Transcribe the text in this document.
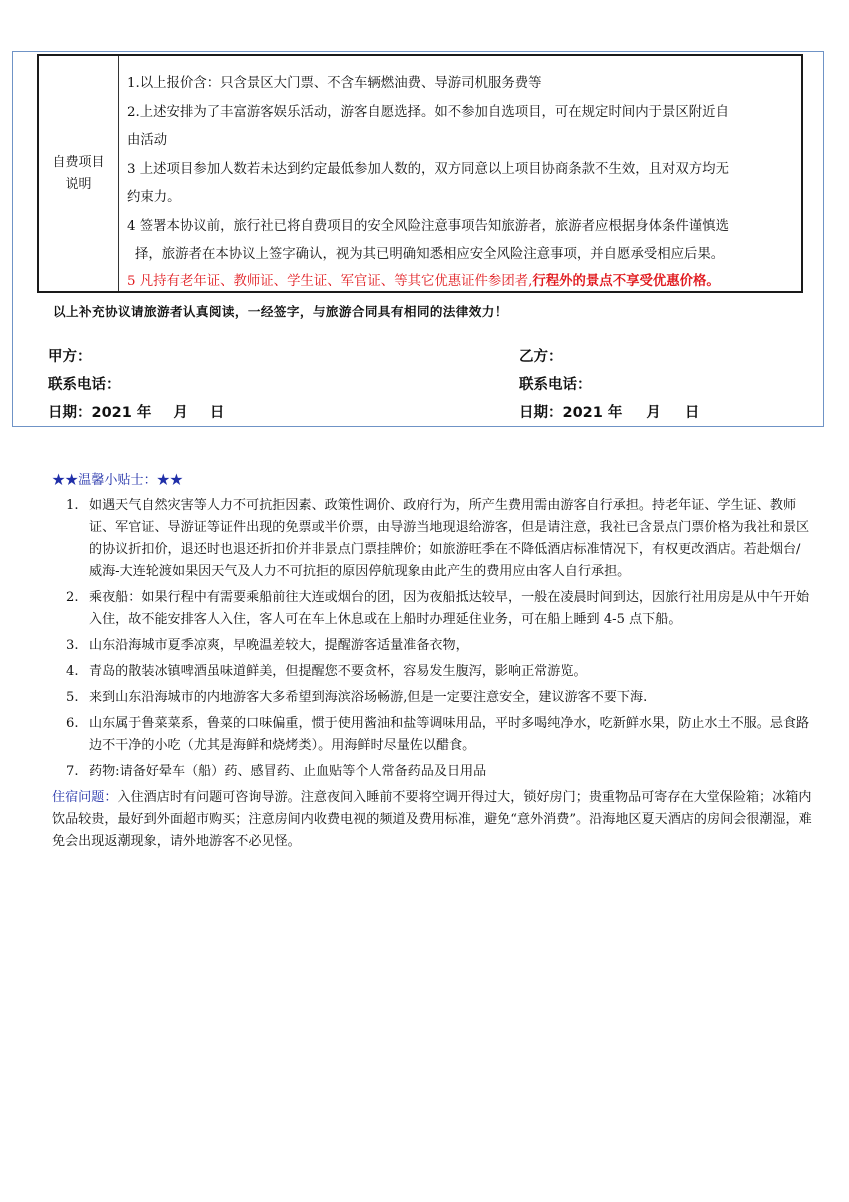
自费项目
说明
1.以上报价含：只含景区大门票、不含车辆燃油费、导游司机服务费等
2.上述安排为了丰富游客娱乐活动，游客自愿选择。如不参加自选项目，可在规定时间内于景区附近自
由活动
3 上述项目参加人数若未达到约定最低参加人数的，双方同意以上项目协商条款不生效，且对双方均无
约束力。
4 签署本协议前，旅行社已将自费项目的安全风险注意事项告知旅游者，旅游者应根据身体条件谨慎选
择，旅游者在本协议上签字确认，视为其已明确知悉相应安全风险注意事项，并自愿承受相应后果。
5 凡持有老年证、教师证、学生证、军官证、等其它优惠证件参团者,行程外的景点不享受优惠价格。
以上补充协议请旅游者认真阅读，一经签字，与旅游合同具有相同的法律效力！
甲方：
联系电话：
日期：2021 年 月 日
乙方：
联系电话：
日期：2021 年 月 日
★★温馨小贴士：★★
1. 如遇天气自然灾害等人力不可抗拒因素、政策性调价、政府行为，所产生费用需由游客自行承担。持老年证、学生证、教师证、军官证、导游证等证件出现的免票或半价票，由导游当地现退给游客，但是请注意，我社已含景点门票价格为我社和景区的协议折扣价，退还时也退还折扣价并非景点门票挂牌价；如旅游旺季在不降低酒店标准情况下，有权更改酒店。若赴烟台/威海-大连轮渡如果因天气及人力不可抗拒的原因停航现象由此产生的费用应由客人自行承担。
2. 乘夜船：如果行程中有需要乘船前往大连或烟台的团，因为夜船抵达较早，一般在凌晨时间到达，因旅行社用房是从中午开始入住，故不能安排客人入住，客人可在车上休息或在上船时办理延住业务，可在船上睡到 4-5 点下船。
3. 山东沿海城市夏季凉爽，早晚温差较大，提醒游客适量准备衣物，
4. 青岛的散装冰镇啤酒虽味道鲜美，但提醒您不要贪杯，容易发生腹泻，影响正常游览。
5. 来到山东沿海城市的内地游客大多希望到海滨浴场畅游,但是一定要注意安全，建议游客不要下海.
6. 山东属于鲁菜菜系，鲁菜的口味偏重，惯于使用酱油和盐等调味用品，平时多喝纯净水，吃新鲜水果，防止水土不服。忌食路边不干净的小吃（尤其是海鲜和烧烤类）。用海鲜时尽量佐以醋食。
7. 药物:请备好晕车（船）药、感冒药、止血贴等个人常备药品及日用品
住宿问题：入住酒店时有问题可咨询导游。注意夜间入睡前不要将空调开得过大，锁好房门；贵重物品可寄存在大堂保险箱；冰箱内饮品较贵，最好到外面超市购买；注意房间内收费电视的频道及费用标准，避免“意外消费”。沿海地区夏天酒店的房间会很潮湿，难免会出现返潮现象，请外地游客不必见怪。
